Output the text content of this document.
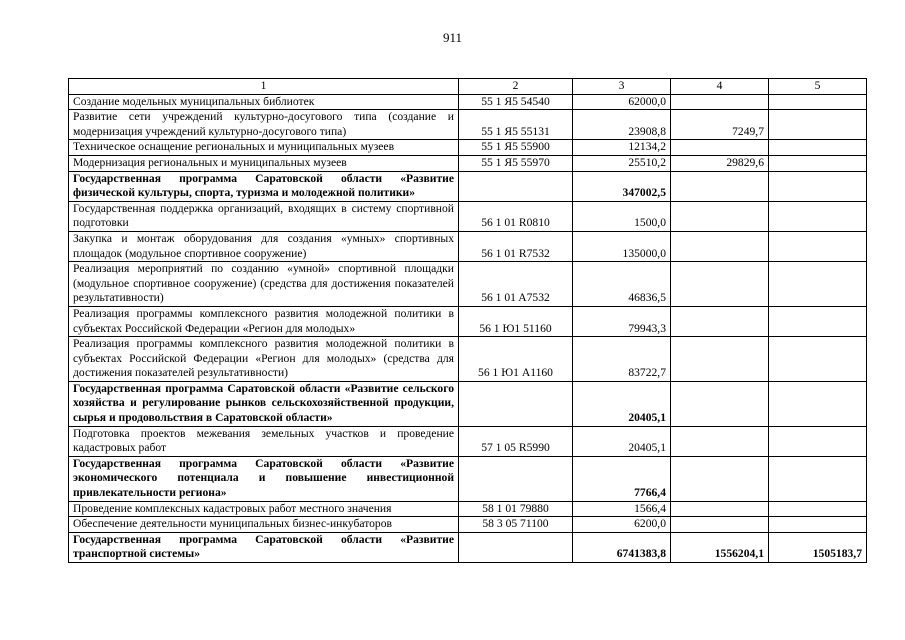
911
1	2	3	4	5
Создание модельных муниципальных библиотек	55 1 Я5 54540	62000,0		
Развитие сети учреждений культурно-досугового типа (создание и модернизация учреждений культурно-досугового типа)	55 1 Я5 55131	23908,8	7249,7	
Техническое оснащение региональных и муниципальных музеев	55 1 Я5 55900	12134,2		
Модернизация региональных и муниципальных музеев	55 1 Я5 55970	25510,2	29829,6	
Государственная программа Саратовской области «Развитие физической культуры, спорта, туризма и молодежной политики»		347002,5		
Государственная поддержка организаций, входящих в систему спортивной подготовки	56 1 01 R0810	1500,0		
Закупка и монтаж оборудования для создания «умных» спортивных площадок (модульное спортивное сооружение)	56 1 01 R7532	135000,0		
Реализация мероприятий по созданию «умной» спортивной площадки (модульное спортивное сооружение) (средства для достижения показателей результативности)	56 1 01 A7532	46836,5		
Реализация программы комплексного развития молодежной политики в субъектах Российской Федерации «Регион для молодых»	56 1 Ю1 51160	79943,3		
Реализация программы комплексного развития молодежной политики в субъектах Российской Федерации «Регион для молодых» (средства для достижения показателей результативности)	56 1 Ю1 A1160	83722,7		
Государственная программа Саратовской области «Развитие сельского хозяйства и регулирование рынков сельскохозяйственной продукции, сырья и продовольствия в Саратовской области»		20405,1		
Подготовка проектов межевания земельных участков и проведение кадастровых работ	57 1 05 R5990	20405,1		
Государственная программа Саратовской области «Развитие экономического потенциала и повышение инвестиционной привлекательности региона»		7766,4		
Проведение комплексных кадастровых работ местного значения	58 1 01 79880	1566,4		
Обеспечение деятельности муниципальных бизнес-инкубаторов	58 3 05 71100	6200,0		
Государственная программа Саратовской области «Развитие транспортной системы»		6741383,8	1556204,1	1505183,7
